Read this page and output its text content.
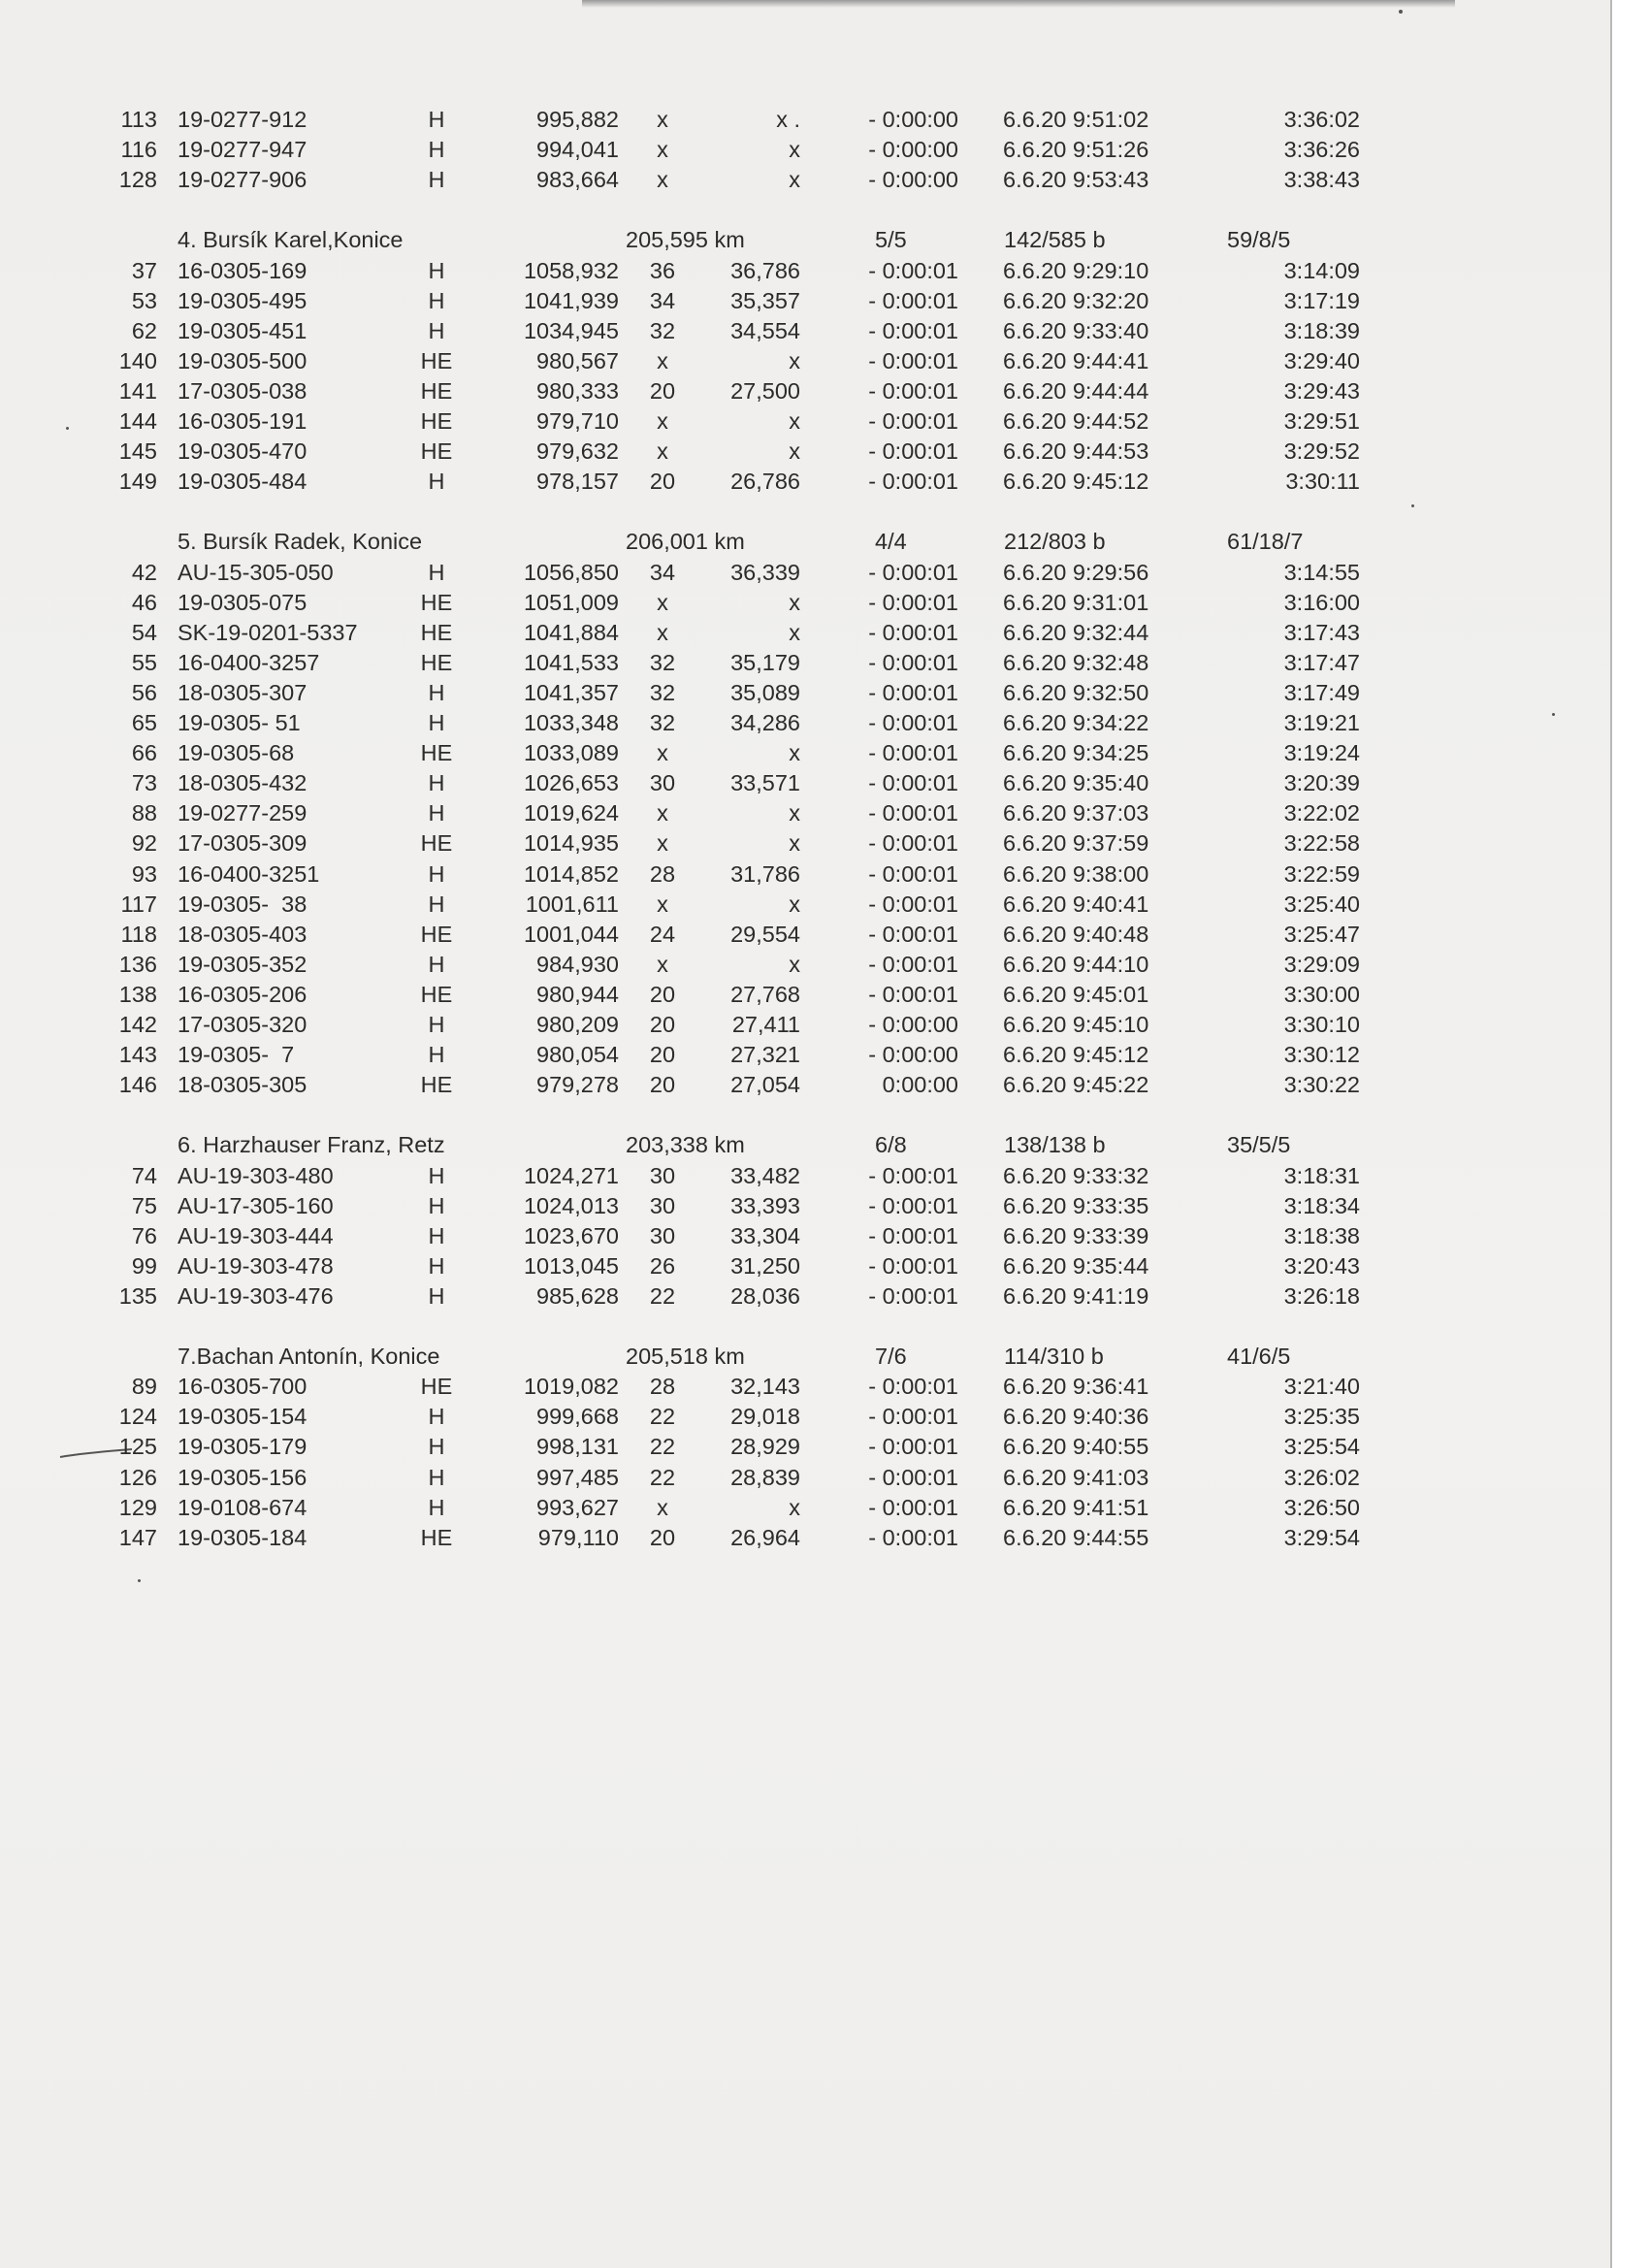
113 19-0277-912	H	995,882	x	x .	- 0:00:00 6.6.20 9:51:02	3:36:02
116 19-0277-947	H	994,041	x	x	- 0:00:00 6.6.20 9:51:26	3:36:26
128 19-0277-906	H	983,664	x	x	- 0:00:00 6.6.20 9:53:43	3:38:43
4. Bursík Karel,Konice	205,595 km	5/5	142/585 b	59/8/5
37 16-0305-169	H	1058,932	36	36,786	- 0:00:01 6.6.20 9:29:10	3:14:09
53 19-0305-495	H	1041,939	34	35,357	- 0:00:01 6.6.20 9:32:20	3:17:19
62 19-0305-451	H	1034,945	32	34,554	- 0:00:01 6.6.20 9:33:40	3:18:39
140 19-0305-500	HE	980,567	x	x	- 0:00:01 6.6.20 9:44:41	3:29:40
141 17-0305-038	HE	980,333	20	27,500	- 0:00:01 6.6.20 9:44:44	3:29:43
144 16-0305-191	HE	979,710	x	x	- 0:00:01 6.6.20 9:44:52	3:29:51
145 19-0305-470	HE	979,632	x	x	- 0:00:01 6.6.20 9:44:53	3:29:52
149 19-0305-484	H	978,157	20	26,786	- 0:00:01 6.6.20 9:45:12	3:30:11
5. Bursík Radek, Konice	206,001 km	4/4	212/803 b	61/18/7
42 AU-15-305-050	H	1056,850	34	36,339	- 0:00:01 6.6.20 9:29:56	3:14:55
46 19-0305-075	HE	1051,009	x	x	- 0:00:01 6.6.20 9:31:01	3:16:00
54 SK-19-0201-5337	HE	1041,884	x	x	- 0:00:01 6.6.20 9:32:44	3:17:43
55 16-0400-3257	HE	1041,533	32	35,179	- 0:00:01 6.6.20 9:32:48	3:17:47
56 18-0305-307	H	1041,357	32	35,089	- 0:00:01 6.6.20 9:32:50	3:17:49
65 19-0305- 51	H	1033,348	32	34,286	- 0:00:01 6.6.20 9:34:22	3:19:21
66 19-0305-68	HE	1033,089	x	x	- 0:00:01 6.6.20 9:34:25	3:19:24
73 18-0305-432	H	1026,653	30	33,571	- 0:00:01 6.6.20 9:35:40	3:20:39
88 19-0277-259	H	1019,624	x	x	- 0:00:01 6.6.20 9:37:03	3:22:02
92 17-0305-309	HE	1014,935	x	x	- 0:00:01 6.6.20 9:37:59	3:22:58
93 16-0400-3251	H	1014,852	28	31,786	- 0:00:01 6.6.20 9:38:00	3:22:59
117 19-0305-  38	H	1001,611	x	x	- 0:00:01 6.6.20 9:40:41	3:25:40
118 18-0305-403	HE	1001,044	24	29,554	- 0:00:01 6.6.20 9:40:48	3:25:47
136 19-0305-352	H	984,930	x	x	- 0:00:01 6.6.20 9:44:10	3:29:09
138 16-0305-206	HE	980,944	20	27,768	- 0:00:01 6.6.20 9:45:01	3:30:00
142 17-0305-320	H	980,209	20	27,411	- 0:00:00 6.6.20 9:45:10	3:30:10
143 19-0305-  7	H	980,054	20	27,321	- 0:00:00 6.6.20 9:45:12	3:30:12
146 18-0305-305	HE	979,278	20	27,054	0:00:00 6.6.20 9:45:22	3:30:22
6. Harzhauser Franz, Retz	203,338 km	6/8	138/138 b	35/5/5
74 AU-19-303-480	H	1024,271	30	33,482	- 0:00:01 6.6.20 9:33:32	3:18:31
75 AU-17-305-160	H	1024,013	30	33,393	- 0:00:01 6.6.20 9:33:35	3:18:34
76 AU-19-303-444	H	1023,670	30	33,304	- 0:00:01 6.6.20 9:33:39	3:18:38
99 AU-19-303-478	H	1013,045	26	31,250	- 0:00:01 6.6.20 9:35:44	3:20:43
135 AU-19-303-476	H	985,628	22	28,036	- 0:00:01 6.6.20 9:41:19	3:26:18
7.Bachan Antonín, Konice	205,518 km	7/6	114/310 b	41/6/5
89 16-0305-700	HE	1019,082	28	32,143	- 0:00:01 6.6.20 9:36:41	3:21:40
124 19-0305-154	H	999,668	22	29,018	- 0:00:01 6.6.20 9:40:36	3:25:35
125 19-0305-179	H	998,131	22	28,929	- 0:00:01 6.6.20 9:40:55	3:25:54
126 19-0305-156	H	997,485	22	28,839	- 0:00:01 6.6.20 9:41:03	3:26:02
129 19-0108-674	H	993,627	x	x	- 0:00:01 6.6.20 9:41:51	3:26:50
147 19-0305-184	HE	979,110	20	26,964	- 0:00:01 6.6.20 9:44:55	3:29:54
